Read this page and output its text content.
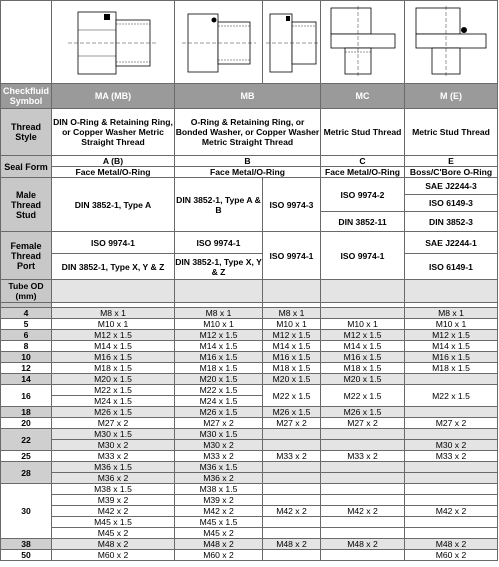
Checkfluid Symbol	MA (MB)	MB		MC	M (E)
Thread Style	DIN O-Ring & Retaining Ring, or Copper Washer Metric Straight Thread	O-Ring & Retaining Ring, or Bonded Washer, or Copper Washer Metric Straight Thread		Metric Stud Thread	Metric Stud Thread
Seal Form	A (B)	B		C	E
	Face Metal/O-Ring	Face Metal/O-Ring		Face Metal/O-Ring	Boss/C'Bore O-Ring
Male Thread Stud	DIN 3852-1, Type A	DIN 3852-1, Type A & B	ISO 9974-3	ISO 9974-2	SAE J2244-3
					ISO 6149-3
				DIN 3852-11	DIN 3852-3
Female Thread Port	ISO 9974-1	ISO 9974-1	ISO 9974-1	ISO 9974-1	SAE J2244-1
	DIN 3852-1, Type X, Y & Z	DIN 3852-1, Type X, Y & Z			ISO 6149-1
Tube OD (mm)					

4	M8 x 1	M8 x 1	M8 x 1		M8 x 1
5	M10 x 1	M10 x 1	M10 x 1	M10 x 1	M10 x 1
6	M12 x 1.5	M12 x 1.5	M12 x 1.5	M12 x 1.5	M12 x 1.5
8	M14 x 1.5	M14 x 1.5	M14 x 1.5	M14 x 1.5	M14 x 1.5
10	M16 x 1.5	M16 x 1.5	M16 x 1.5	M16 x 1.5	M16 x 1.5
12	M18 x 1.5	M18 x 1.5	M18 x 1.5	M18 x 1.5	M18 x 1.5
14	M20 x 1.5	M20 x 1.5	M20 x 1.5	M20 x 1.5	
16	M22 x 1.5	M22 x 1.5	M22 x 1.5	M22 x 1.5	M22 x 1.5
	M24 x 1.5	M24 x 1.5			
18	M26 x 1.5	M26 x 1.5	M26 x 1.5	M26 x 1.5	
20	M27 x 2	M27 x 2	M27 x 2	M27 x 2	M27 x 2
22	M30 x 1.5	M30 x 1.5			
	M30 x 2	M30 x 2			M30 x 2
25	M33 x 2	M33 x 2	M33 x 2	M33 x 2	M33 x 2
28	M36 x 1.5	M36 x 1.5			
	M36 x 2	M36 x 2			
30	M38 x 1.5	M38 x 1.5			
	M39 x 2	M39 x 2			
	M42 x 2	M42 x 2	M42 x 2	M42 x 2	M42 x 2
	M45 x 1.5	M45 x 1.5			
	M45 x 2	M45 x 2			
38	M48 x 2	M48 x 2	M48 x 2	M48 x 2	M48 x 2
50	M60 x 2	M60 x 2			M60 x 2
